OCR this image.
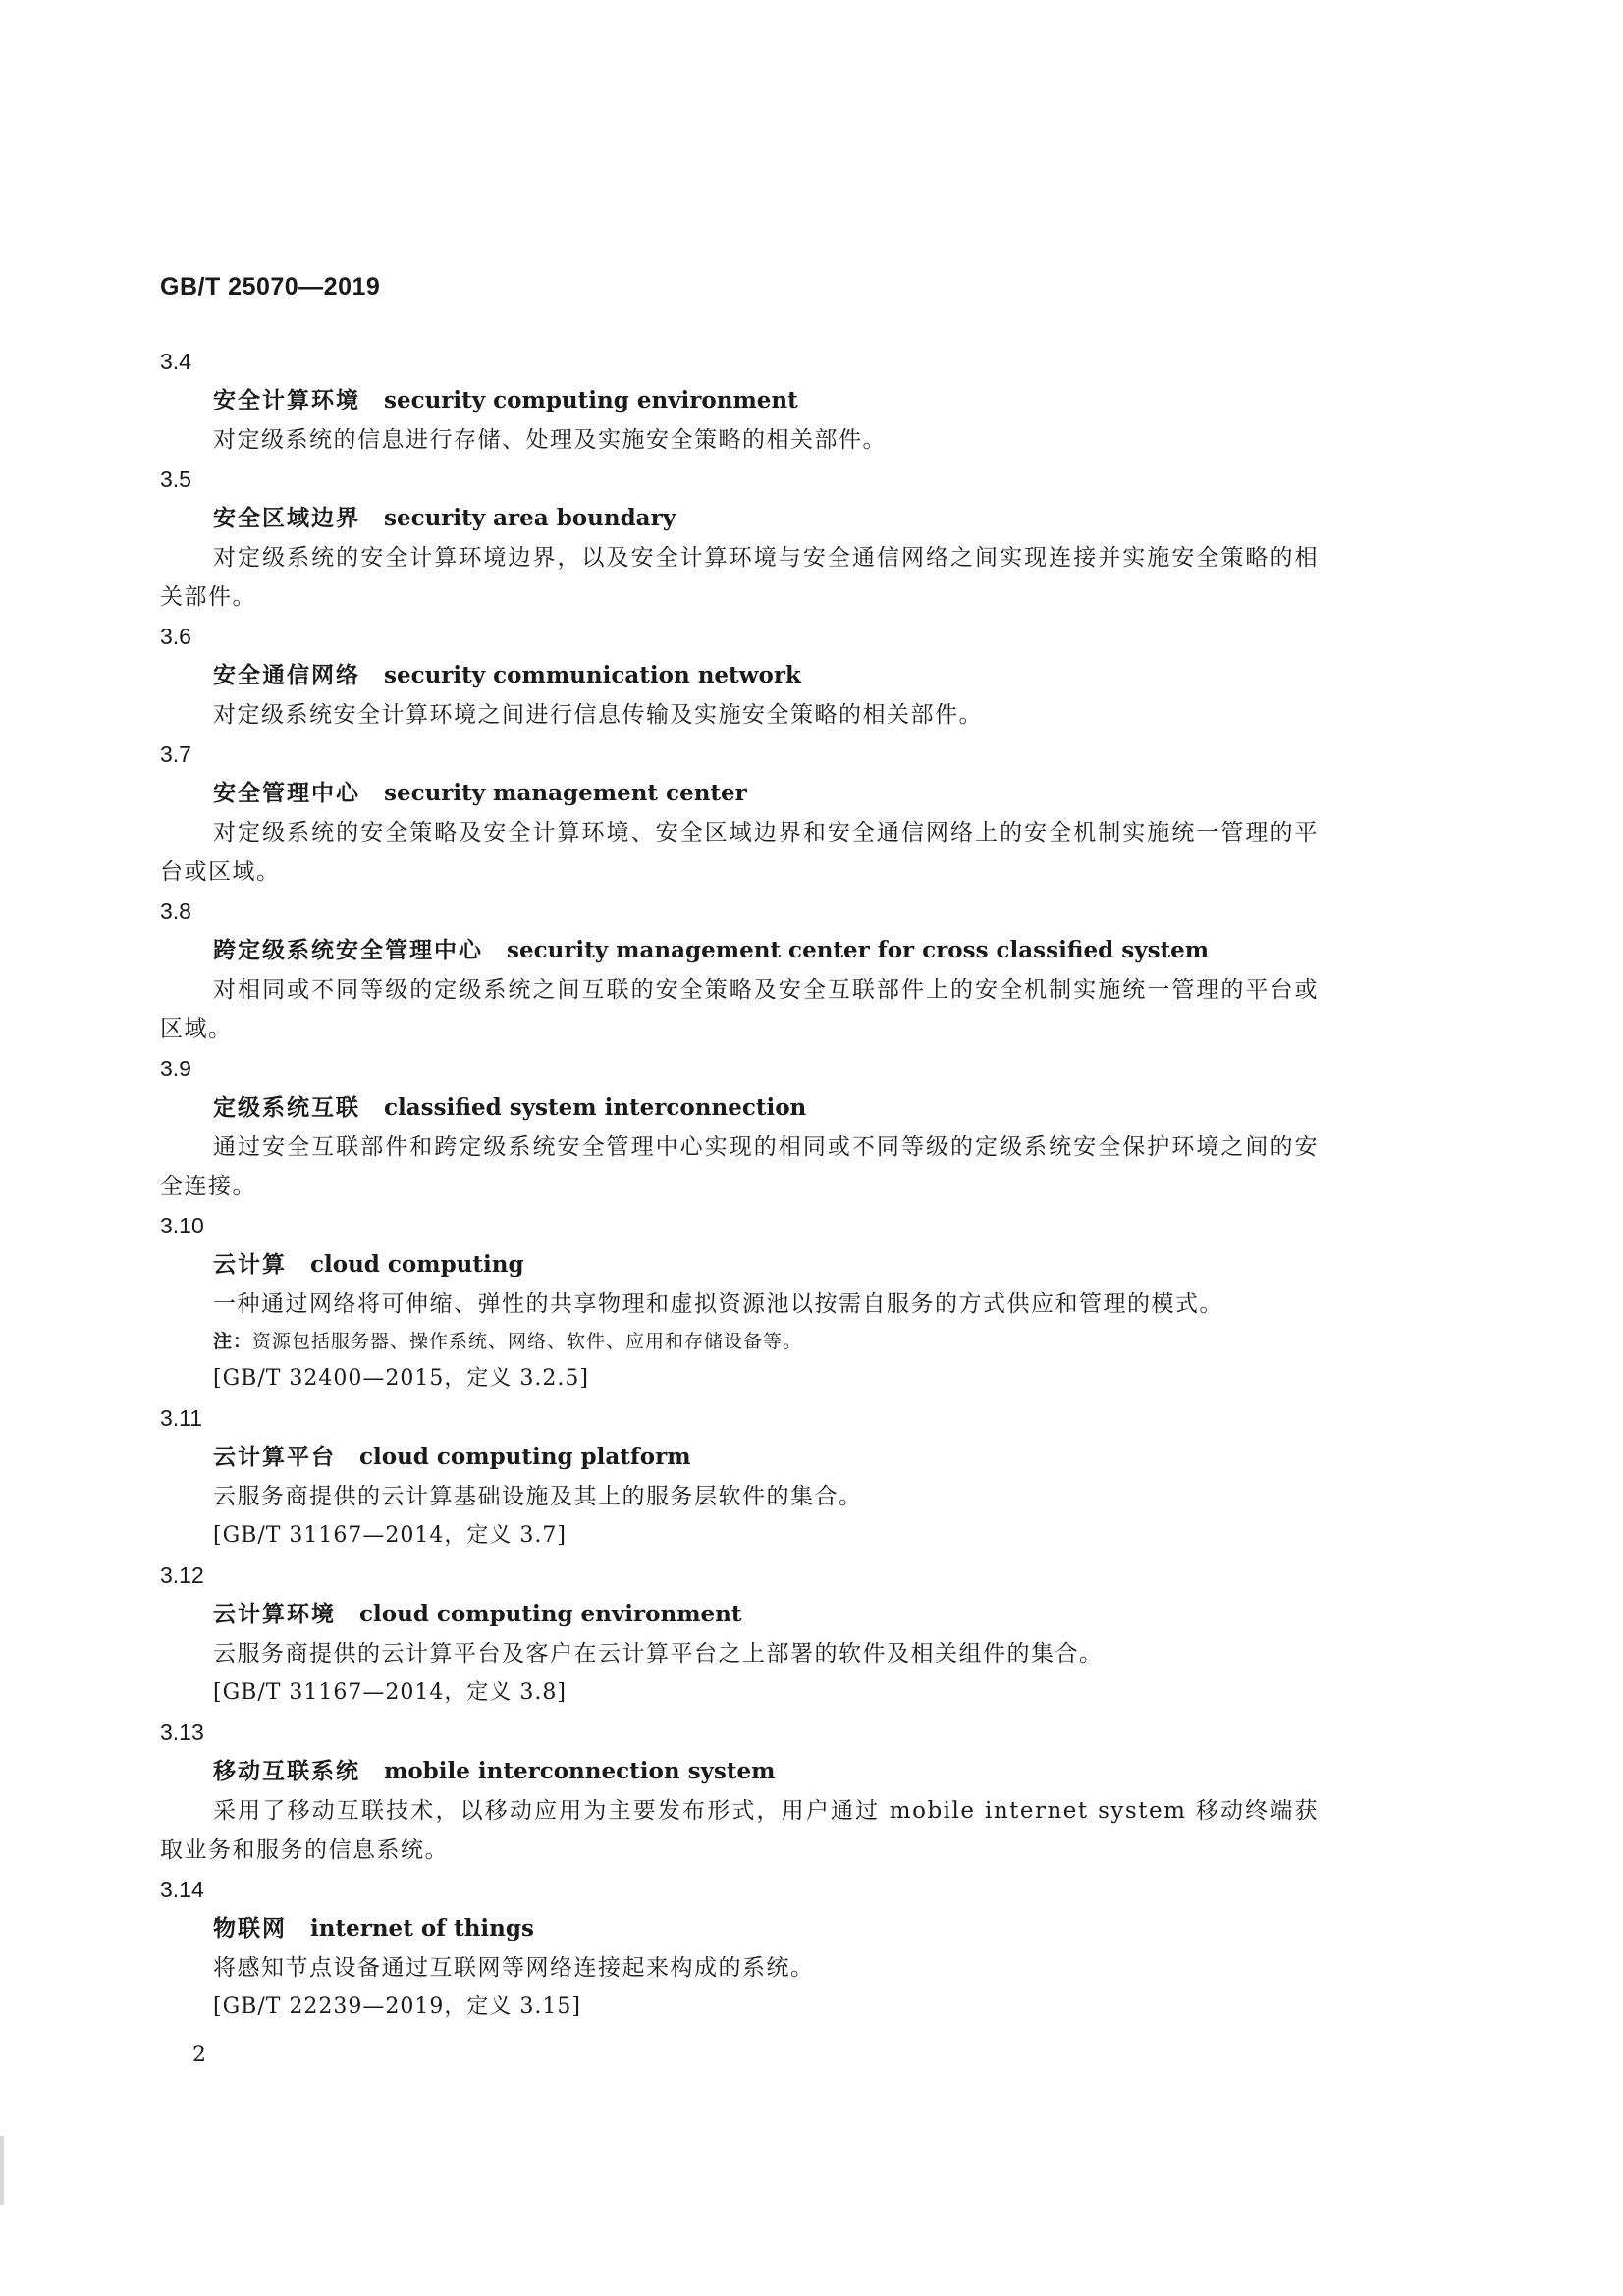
GB/T 25070—2019
3.4
安全计算环境 security computing environment
对定级系统的信息进行存储、处理及实施安全策略的相关部件。
3.5
安全区域边界 security area boundary
对定级系统的安全计算环境边界，以及安全计算环境与安全通信网络之间实现连接并实施安全策略的相关部件。
3.6
安全通信网络 security communication network
对定级系统安全计算环境之间进行信息传输及实施安全策略的相关部件。
3.7
安全管理中心 security management center
对定级系统的安全策略及安全计算环境、安全区域边界和安全通信网络上的安全机制实施统一管理的平台或区域。
3.8
跨定级系统安全管理中心 security management center for cross classified system
对相同或不同等级的定级系统之间互联的安全策略及安全互联部件上的安全机制实施统一管理的平台或区域。
3.9
定级系统互联 classified system interconnection
通过安全互联部件和跨定级系统安全管理中心实现的相同或不同等级的定级系统安全保护环境之间的安全连接。
3.10
云计算 cloud computing
一种通过网络将可伸缩、弹性的共享物理和虚拟资源池以按需自服务的方式供应和管理的模式。
注：资源包括服务器、操作系统、网络、软件、应用和存储设备等。
[GB/T 32400—2015，定义 3.2.5]
3.11
云计算平台 cloud computing platform
云服务商提供的云计算基础设施及其上的服务层软件的集合。
[GB/T 31167—2014，定义 3.7]
3.12
云计算环境 cloud computing environment
云服务商提供的云计算平台及客户在云计算平台之上部署的软件及相关组件的集合。
[GB/T 31167—2014，定义 3.8]
3.13
移动互联系统 mobile interconnection system
采用了移动互联技术，以移动应用为主要发布形式，用户通过 mobile internet system 移动终端获取业务和服务的信息系统。
3.14
物联网 internet of things
将感知节点设备通过互联网等网络连接起来构成的系统。
[GB/T 22239—2019，定义 3.15]
2
